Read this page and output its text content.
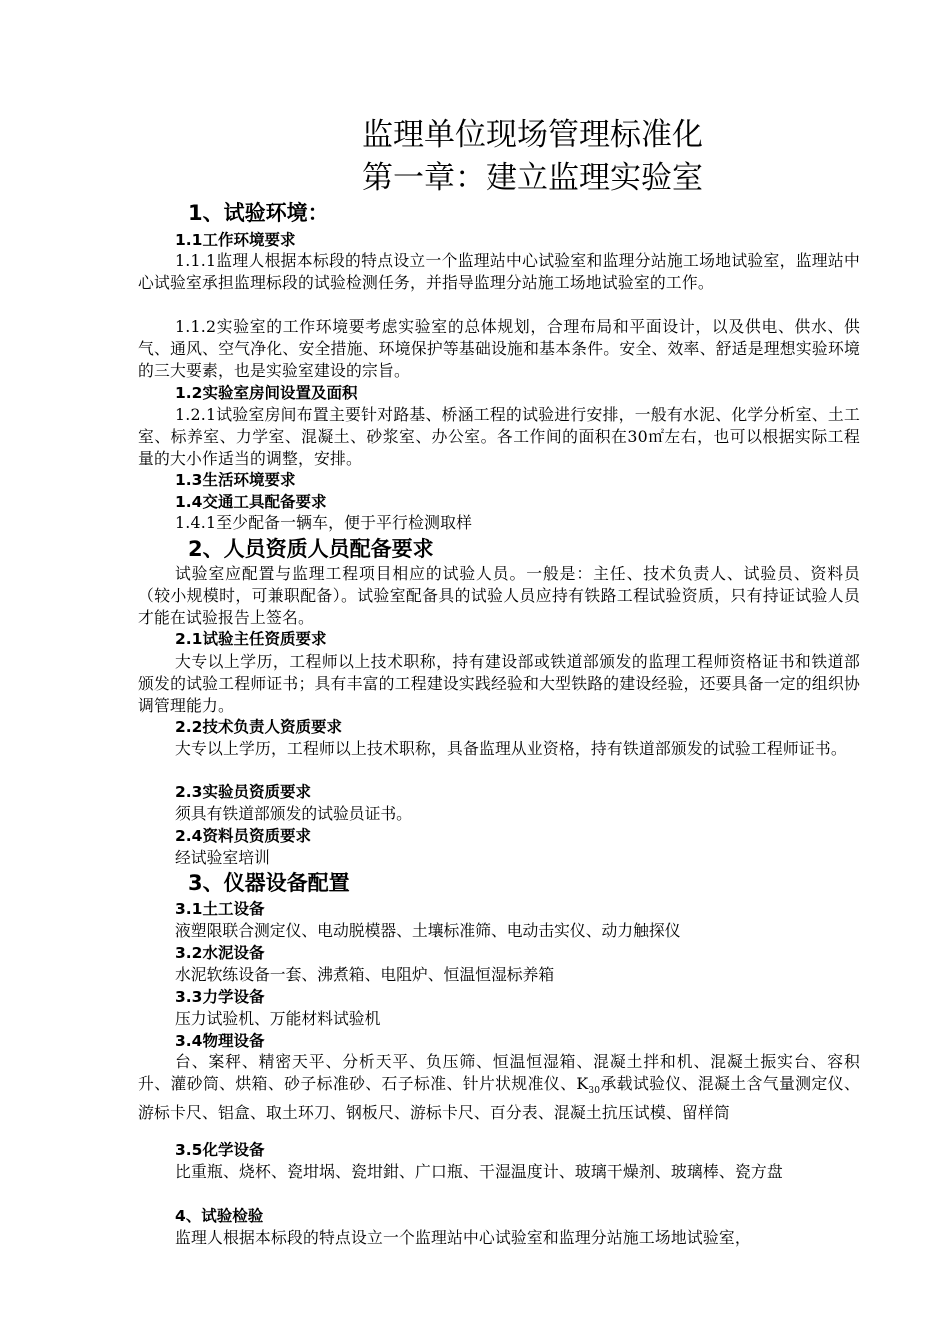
监理单位现场管理标准化
第一章：建立监理实验室
1、试验环境：
1.1工作环境要求
1.1.1监理人根据本标段的特点设立一个监理站中心试验室和监理分站施工场地试验室，监理站中心试验室承担监理标段的试验检测任务，并指导监理分站施工场地试验室的工作。
1.1.2实验室的工作环境要考虑实验室的总体规划，合理布局和平面设计，以及供电、供水、供气、通风、空气净化、安全措施、环境保护等基础设施和基本条件。安全、效率、舒适是理想实验环境的三大要素，也是实验室建设的宗旨。
1.2实验室房间设置及面积
1.2.1试验室房间布置主要针对路基、桥涵工程的试验进行安排，一般有水泥、化学分析室、土工室、标养室、力学室、混凝土、砂浆室、办公室。各工作间的面积在30㎡左右，也可以根据实际工程量的大小作适当的调整，安排。
1.3生活环境要求
1.4交通工具配备要求
1.4.1至少配备一辆车，便于平行检测取样
2、人员资质人员配备要求
试验室应配置与监理工程项目相应的试验人员。一般是：主任、技术负责人、试验员、资料员（较小规模时，可兼职配备）。试验室配备具的试验人员应持有铁路工程试验资质，只有持证试验人员才能在试验报告上签名。
2.1试验主任资质要求
大专以上学历，工程师以上技术职称，持有建设部或铁道部颁发的监理工程师资格证书和铁道部颁发的试验工程师证书；具有丰富的工程建设实践经验和大型铁路的建设经验，还要具备一定的组织协调管理能力。
2.2技术负责人资质要求
大专以上学历，工程师以上技术职称，具备监理从业资格，持有铁道部颁发的试验工程师证书。
2.3实验员资质要求
须具有铁道部颁发的试验员证书。
2.4资料员资质要求
经试验室培训
3、仪器设备配置
3.1土工设备
液塑限联合测定仪、电动脱模器、土壤标准筛、电动击实仪、动力触探仪
3.2水泥设备
水泥软练设备一套、沸煮箱、电阻炉、恒温恒湿标养箱
3.3力学设备
压力试验机、万能材料试验机
3.4物理设备
台、案秤、精密天平、分析天平、负压筛、恒温恒湿箱、混凝土拌和机、混凝土振实台、容积升、灌砂筒、烘箱、砂子标准砂、石子标准、针片状规准仪、$K_{30}$承载试验仪、混凝土含气量测定仪、游标卡尺、铝盒、取土环刀、钢板尺、游标卡尺、百分表、混凝土抗压试模、留样筒
3.5化学设备
比重瓶、烧杯、瓷坩埚、瓷坩鉗、广口瓶、干湿温度计、玻璃干燥剂、玻璃棒、瓷方盘
4、试验检验
监理人根据本标段的特点设立一个监理站中心试验室和监理分站施工场地试验室，
